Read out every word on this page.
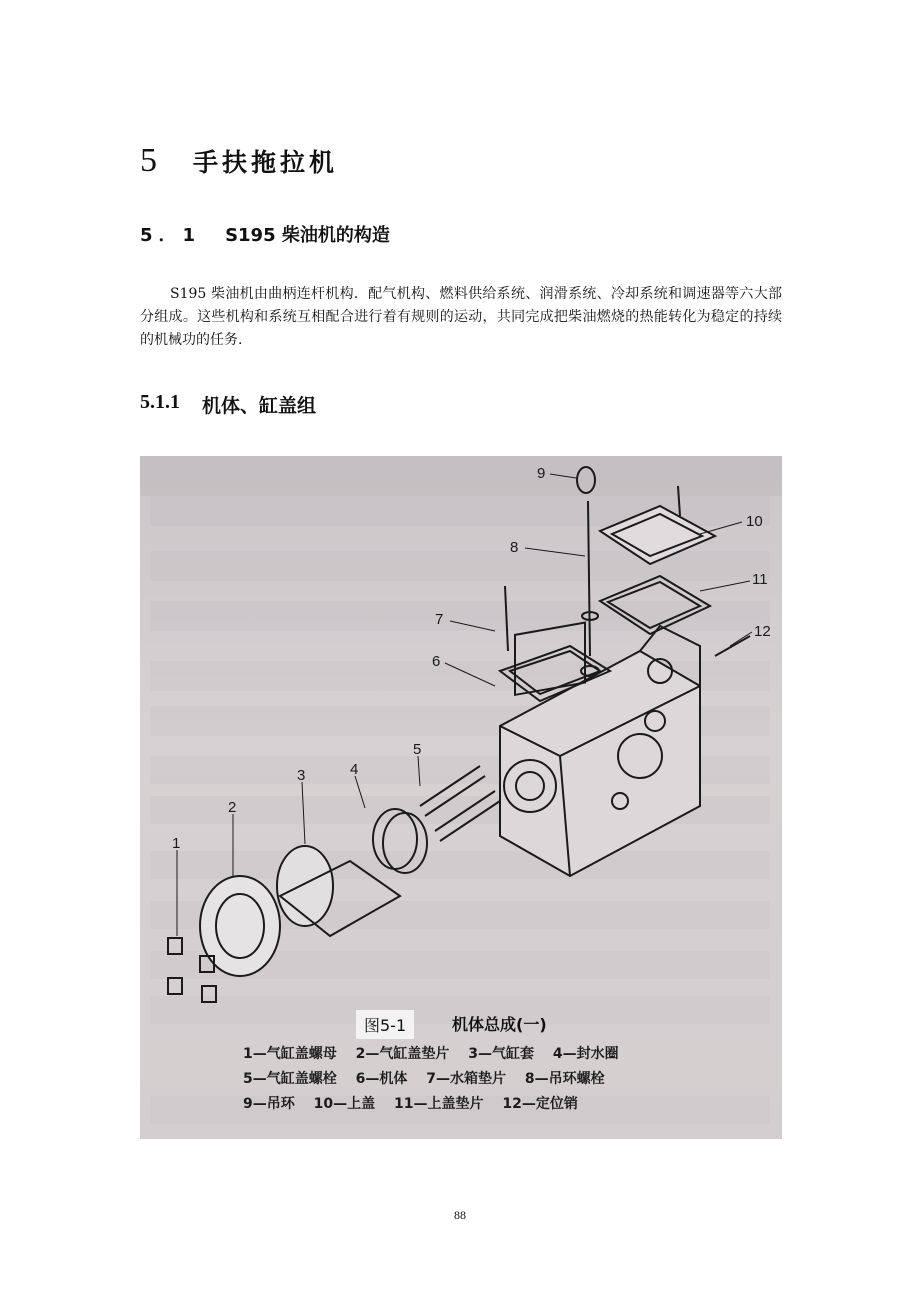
5 手扶拖拉机
5．1 S195 柴油机的构造

S195 柴油机由曲柄连杆机构．配气机构、燃料供给系统、润滑系统、冷却系统和调速器等六大部分组成。这些机构和系统互相配合进行着有规则的运动，共同完成把柴油燃烧的热能转化为稳定的持续的机械功的任务.

5.1.1 机体、缸盖组
1
2
3	4
5
6
7
8
9
10
11
12
图5-1	机体总成(一)
1—气缸盖螺母 2—气缸盖垫片 3—气缸套 4—封水圈
5—气缸盖螺栓 6—机体 7—水箱垫片 8—吊环螺栓
9—吊环 10—上盖 11—上盖垫片 12—定位销
88
